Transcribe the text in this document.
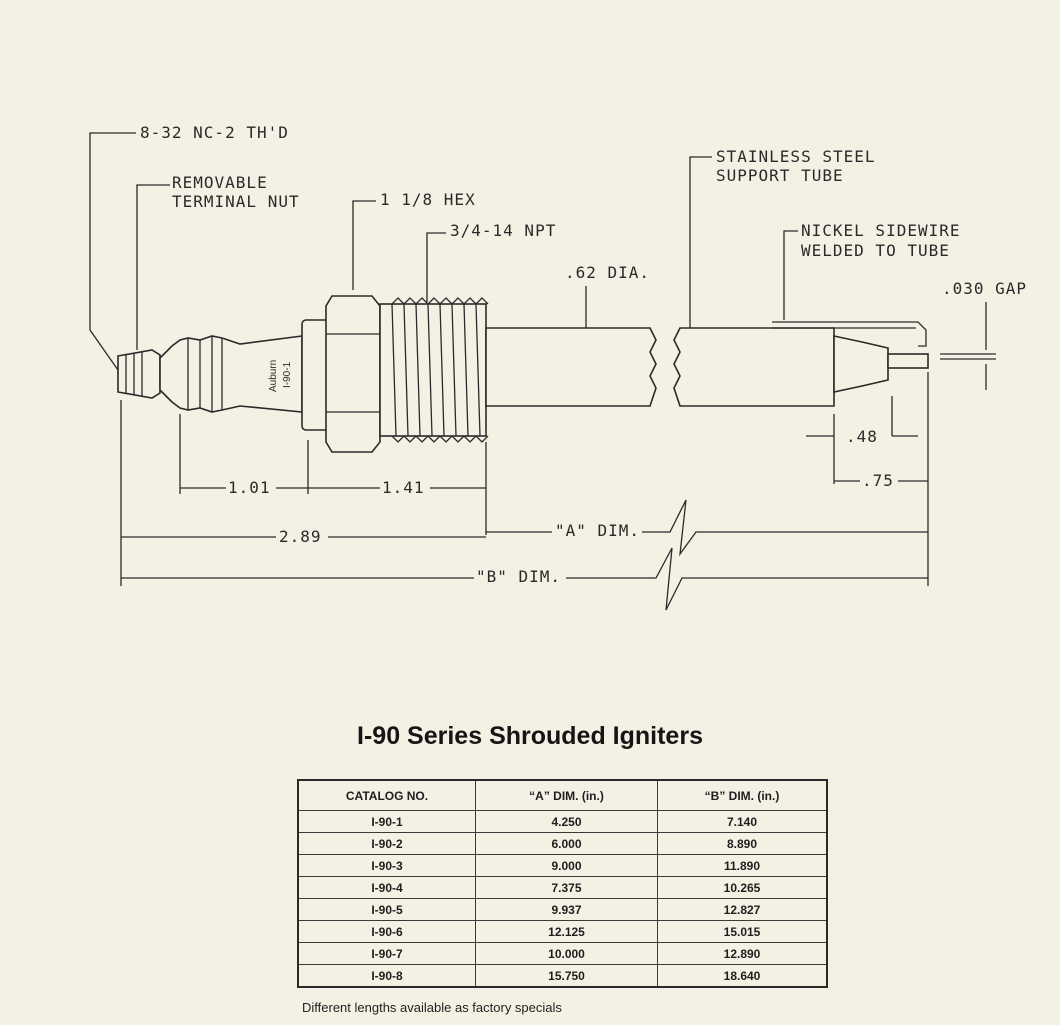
Auburn I-90-1
8-32 NC-2 TH'D
REMOVABLE
TERMINAL NUT	1 1/8 HEX
3/4-14 NPT
.62 DIA.
STAINLESS STEEL
SUPPORT TUBE
NICKEL SIDEWIRE
WELDED TO TUBE
.030 GAP
1.01	1.41
2.89	"A" DIM.
"B" DIM.
.48
.75
I-90 Series Shrouded Igniters
CATALOG NO.	“A” DIM. (in.)	“B” DIM. (in.)
I-90-1	4.250	7.140
I-90-2	6.000	8.890
I-90-3	9.000	11.890
I-90-4	7.375	10.265
I-90-5	9.937	12.827
I-90-6	12.125	15.015
I-90-7	10.000	12.890
I-90-8	15.750	18.640
Different lengths available as factory specials
